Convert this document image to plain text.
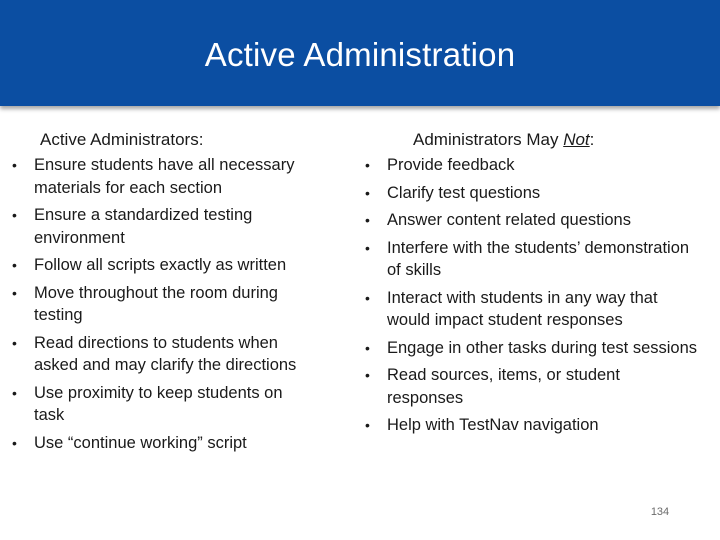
Active Administration
Active Administrators:
• Ensure students have all necessary materials for each section
• Ensure a standardized testing environment
• Follow all scripts exactly as written
• Move throughout the room during testing
• Read directions to students when asked and may clarify the directions
• Use proximity to keep students on task
• Use “continue working” script
Administrators May Not:
• Provide feedback
• Clarify test questions
• Answer content related questions
• Interfere with the students’ demonstration of skills
• Interact with students in any way that would impact student responses
• Engage in other tasks during test sessions
• Read sources, items, or student responses
• Help with TestNav navigation
134
